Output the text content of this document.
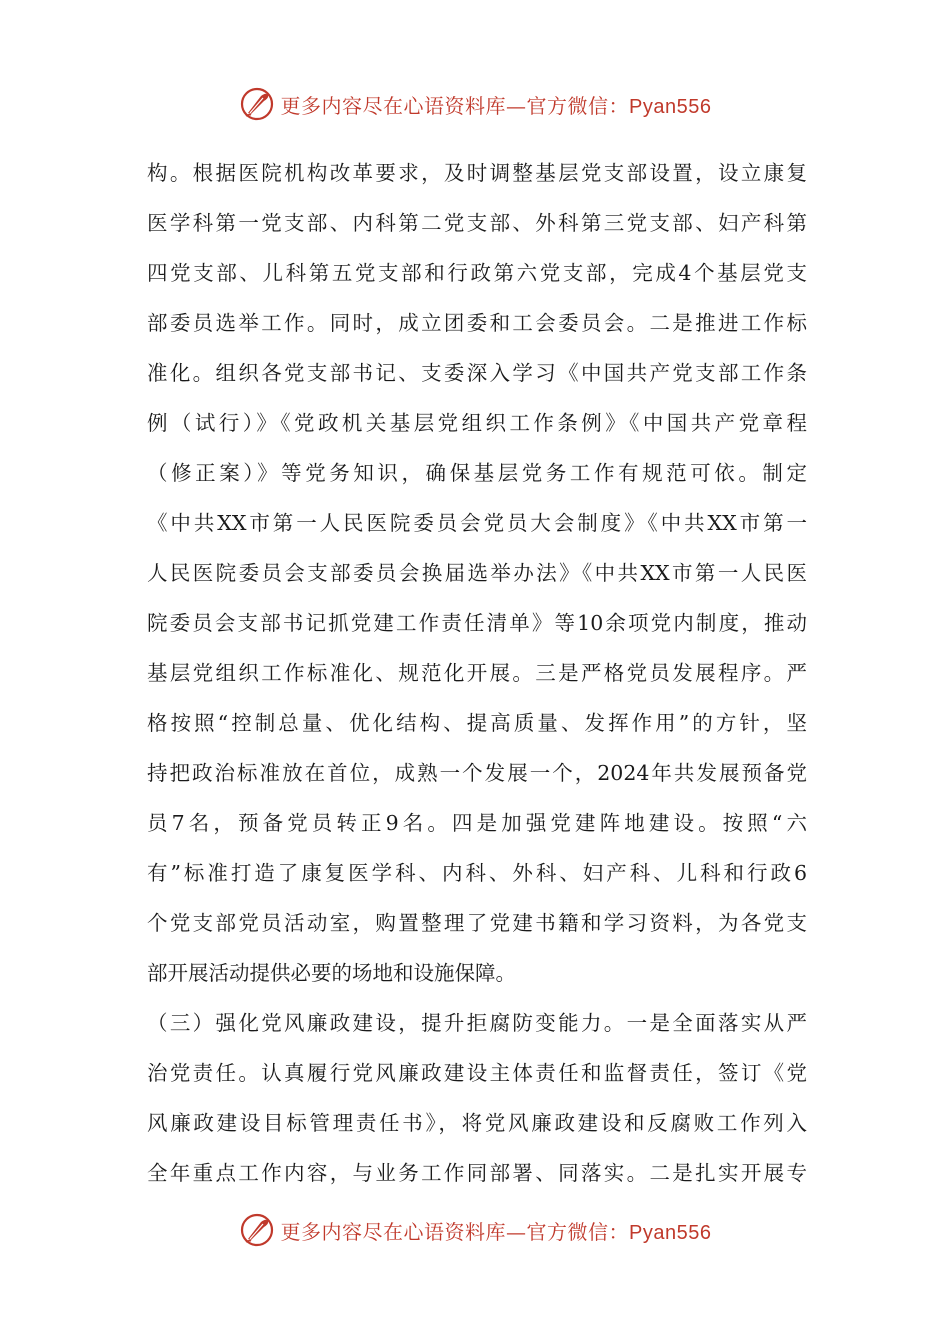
更多内容尽在心语资料库—官方微信：Pyan556
构。根据医院机构改革要求，及时调整基层党支部设置，设立康复
医学科第一党支部、内科第二党支部、外科第三党支部、妇产科第
四党支部、儿科第五党支部和行政第六党支部，完成4个基层党支
部委员选举工作。同时，成立团委和工会委员会。二是推进工作标
准化。组织各党支部书记、支委深入学习《中国共产党支部工作条
例（试行）》《党政机关基层党组织工作条例》《中国共产党章程
（修正案）》等党务知识，确保基层党务工作有规范可依。制定
《中共XX市第一人民医院委员会党员大会制度》《中共XX市第一
人民医院委员会支部委员会换届选举办法》《中共XX市第一人民医
院委员会支部书记抓党建工作责任清单》等10余项党内制度，推动
基层党组织工作标准化、规范化开展。三是严格党员发展程序。严
格按照“控制总量、优化结构、提高质量、发挥作用”的方针，坚
持把政治标准放在首位，成熟一个发展一个，2024年共发展预备党
员7名，预备党员转正9名。四是加强党建阵地建设。按照“六
有”标准打造了康复医学科、内科、外科、妇产科、儿科和行政6
个党支部党员活动室，购置整理了党建书籍和学习资料，为各党支
部开展活动提供必要的场地和设施保障。
（三）强化党风廉政建设，提升拒腐防变能力。一是全面落实从严
治党责任。认真履行党风廉政建设主体责任和监督责任，签订《党
风廉政建设目标管理责任书》，将党风廉政建设和反腐败工作列入
全年重点工作内容，与业务工作同部署、同落实。二是扎实开展专
更多内容尽在心语资料库—官方微信：Pyan556
